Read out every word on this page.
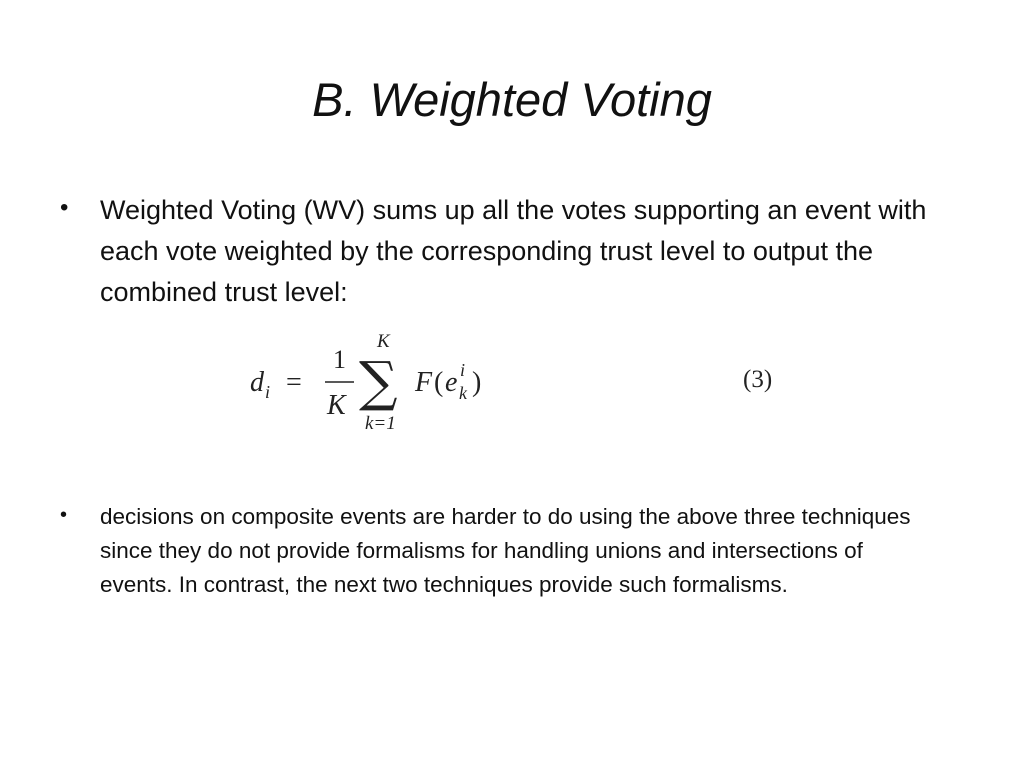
B. Weighted Voting
•	Weighted Voting (WV) sums up all the votes supporting an event with each vote weighted by the corresponding trust level to output the combined trust level:
d i =
1
K
K
∑
k=1
F ( e i
k )	(3)
•	decisions on composite events are harder to do using the above three techniques since they do not provide formalisms for handling unions and intersections of events. In contrast, the next two techniques provide such formalisms.
